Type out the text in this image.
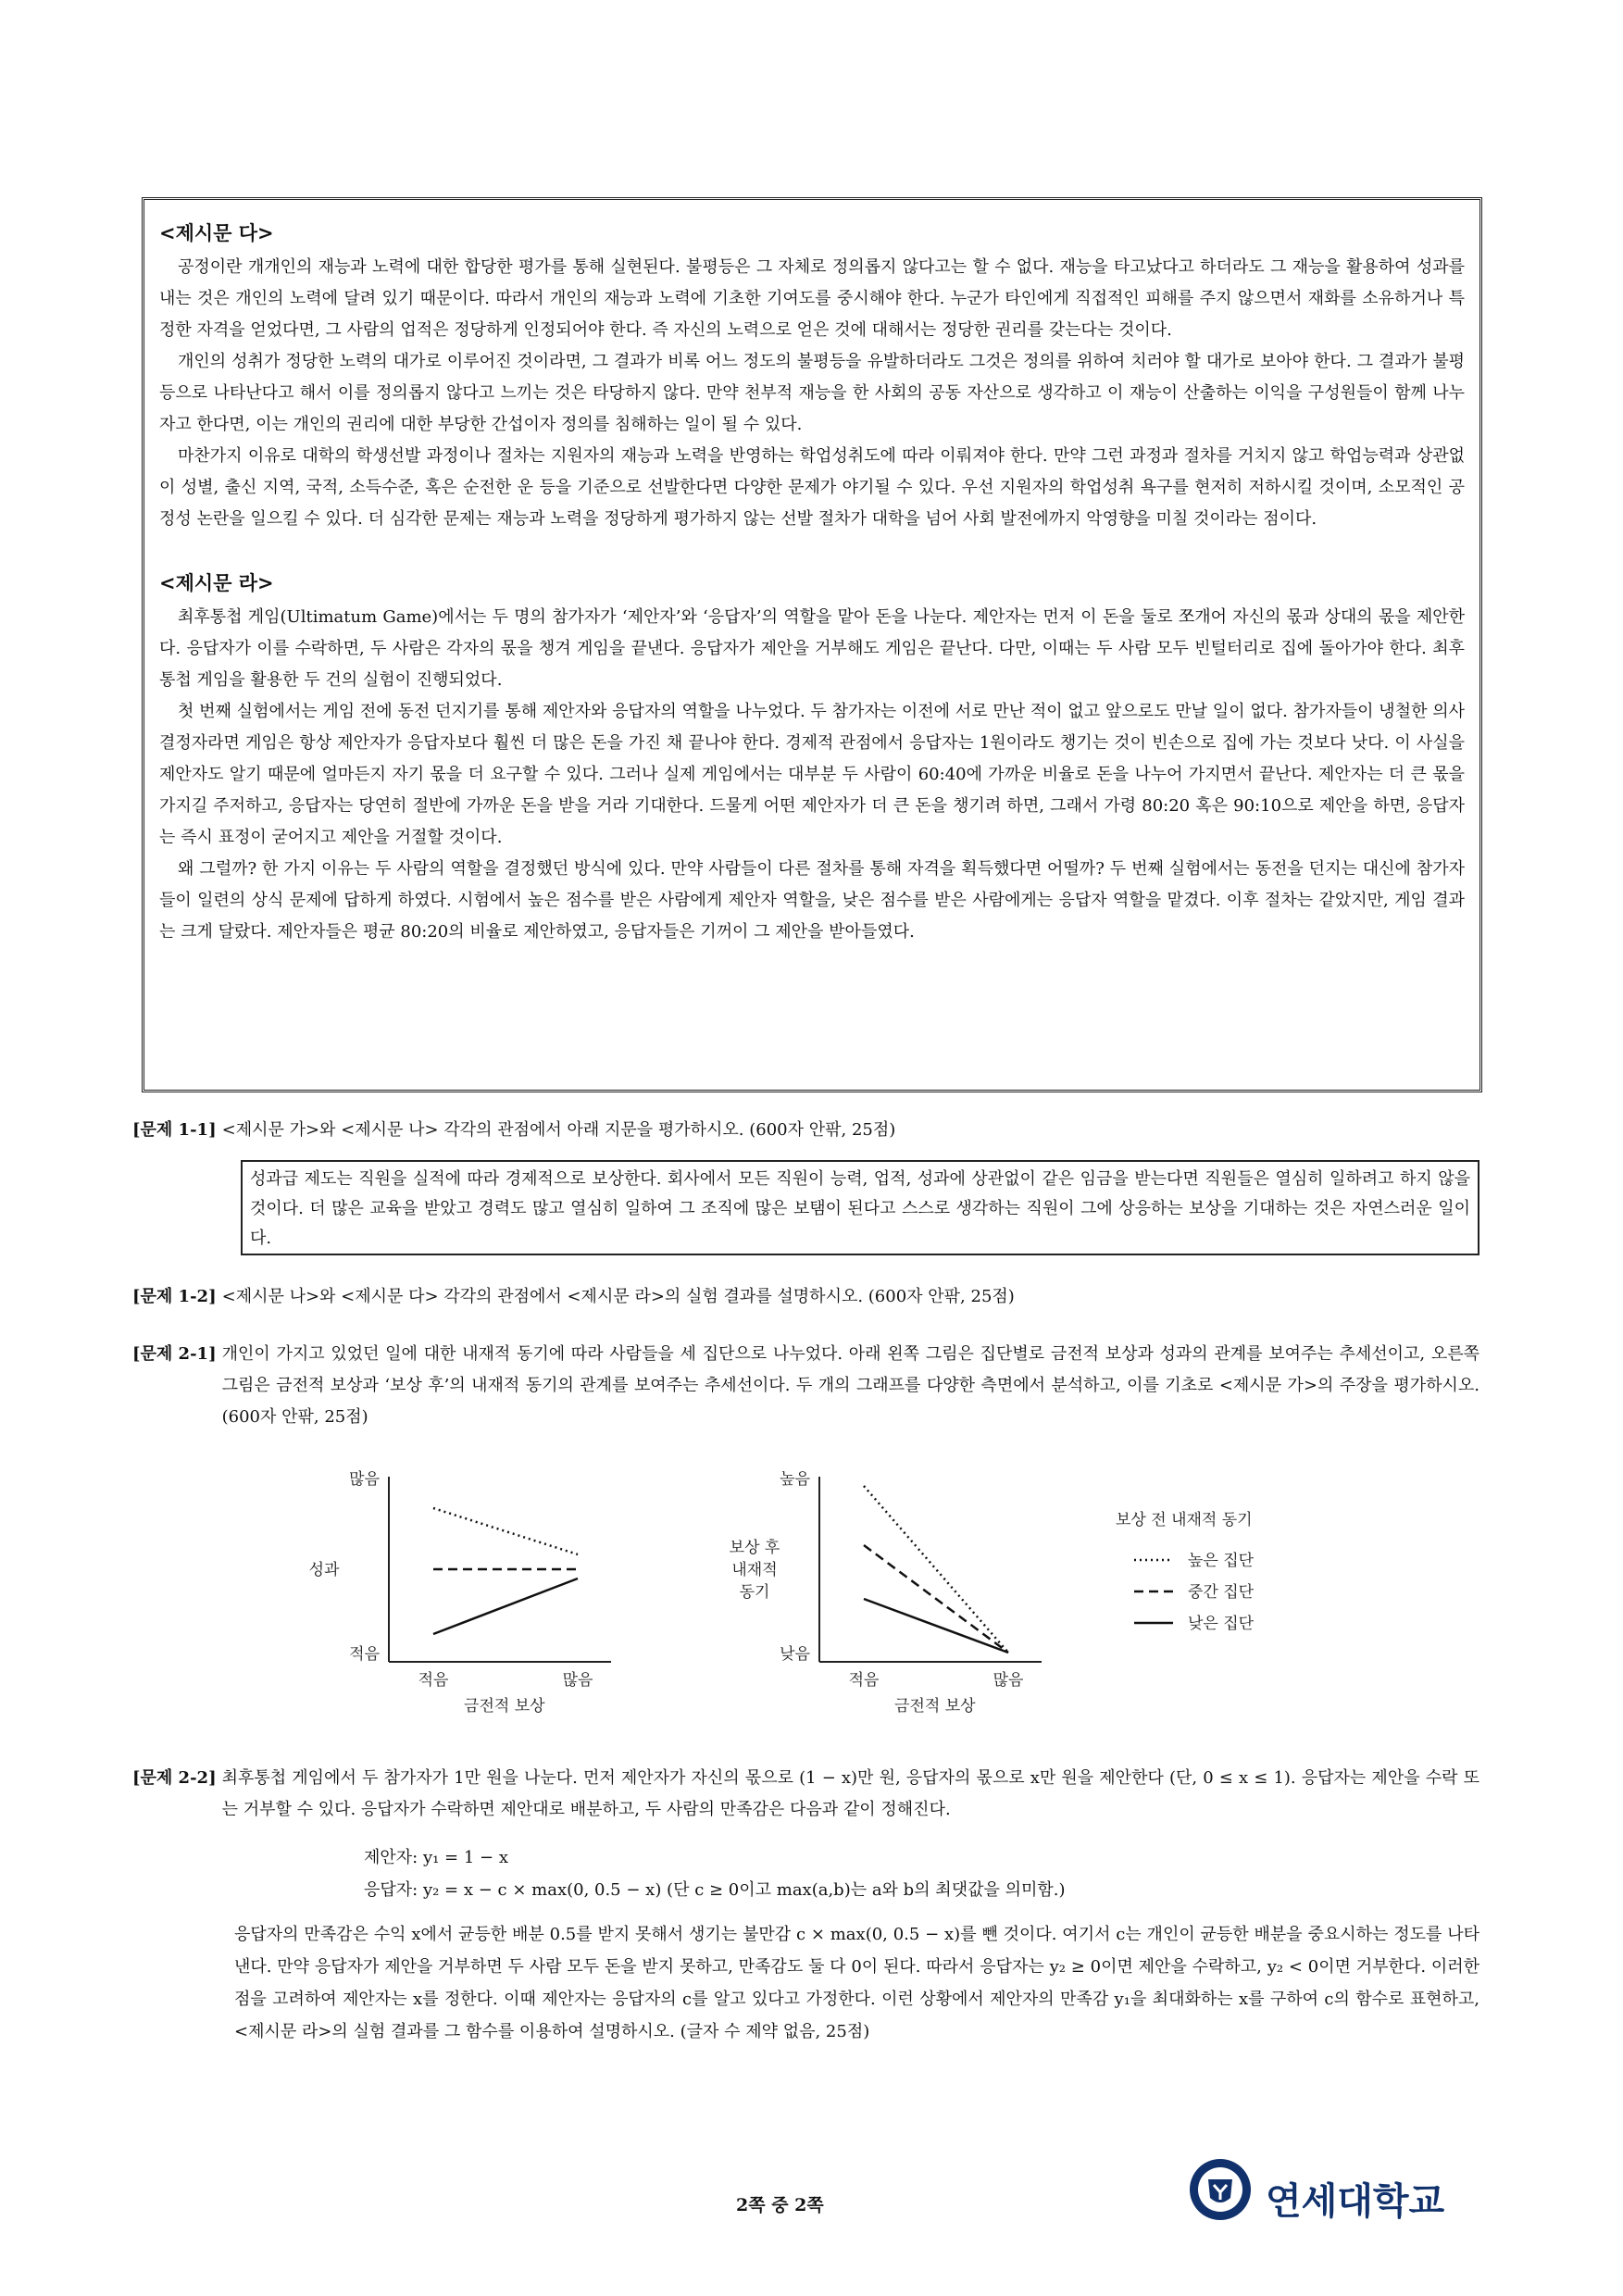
<제시문 다>

공정이란 개개인의 재능과 노력에 대한 합당한 평가를 통해 실현된다. 불평등은 그 자체로 정의롭지 않다고는 할 수 없다. 재능을 타고났다고 하더라도 그 재능을 활용하여 성과를 내는 것은 개인의 노력에 달려 있기 때문이다. 따라서 개인의 재능과 노력에 기초한 기여도를 중시해야 한다. 누군가 타인에게 직접적인 피해를 주지 않으면서 재화를 소유하거나 특정한 자격을 얻었다면, 그 사람의 업적은 정당하게 인정되어야 한다. 즉 자신의 노력으로 얻은 것에 대해서는 정당한 권리를 갖는다는 것이다.

개인의 성취가 정당한 노력의 대가로 이루어진 것이라면, 그 결과가 비록 어느 정도의 불평등을 유발하더라도 그것은 정의를 위하여 치러야 할 대가로 보아야 한다. 그 결과가 불평등으로 나타난다고 해서 이를 정의롭지 않다고 느끼는 것은 타당하지 않다. 만약 천부적 재능을 한 사회의 공동 자산으로 생각하고 이 재능이 산출하는 이익을 구성원들이 함께 나누자고 한다면, 이는 개인의 권리에 대한 부당한 간섭이자 정의를 침해하는 일이 될 수 있다.

마찬가지 이유로 대학의 학생선발 과정이나 절차는 지원자의 재능과 노력을 반영하는 학업성취도에 따라 이뤄져야 한다. 만약 그런 과정과 절차를 거치지 않고 학업능력과 상관없이 성별, 출신 지역, 국적, 소득수준, 혹은 순전한 운 등을 기준으로 선발한다면 다양한 문제가 야기될 수 있다. 우선 지원자의 학업성취 욕구를 현저히 저하시킬 것이며, 소모적인 공정성 논란을 일으킬 수 있다. 더 심각한 문제는 재능과 노력을 정당하게 평가하지 않는 선발 절차가 대학을 넘어 사회 발전에까지 악영향을 미칠 것이라는 점이다.

<제시문 라>

최후통첩 게임(Ultimatum Game)에서는 두 명의 참가자가 ‘제안자’와 ‘응답자’의 역할을 맡아 돈을 나눈다. 제안자는 먼저 이 돈을 둘로 쪼개어 자신의 몫과 상대의 몫을 제안한다. 응답자가 이를 수락하면, 두 사람은 각자의 몫을 챙겨 게임을 끝낸다. 응답자가 제안을 거부해도 게임은 끝난다. 다만, 이때는 두 사람 모두 빈털터리로 집에 돌아가야 한다. 최후통첩 게임을 활용한 두 건의 실험이 진행되었다.

첫 번째 실험에서는 게임 전에 동전 던지기를 통해 제안자와 응답자의 역할을 나누었다. 두 참가자는 이전에 서로 만난 적이 없고 앞으로도 만날 일이 없다. 참가자들이 냉철한 의사결정자라면 게임은 항상 제안자가 응답자보다 훨씬 더 많은 돈을 가진 채 끝나야 한다. 경제적 관점에서 응답자는 1원이라도 챙기는 것이 빈손으로 집에 가는 것보다 낫다. 이 사실을 제안자도 알기 때문에 얼마든지 자기 몫을 더 요구할 수 있다. 그러나 실제 게임에서는 대부분 두 사람이 60:40에 가까운 비율로 돈을 나누어 가지면서 끝난다. 제안자는 더 큰 몫을 가지길 주저하고, 응답자는 당연히 절반에 가까운 돈을 받을 거라 기대한다. 드물게 어떤 제안자가 더 큰 돈을 챙기려 하면, 그래서 가령 80:20 혹은 90:10으로 제안을 하면, 응답자는 즉시 표정이 굳어지고 제안을 거절할 것이다.

왜 그럴까? 한 가지 이유는 두 사람의 역할을 결정했던 방식에 있다. 만약 사람들이 다른 절차를 통해 자격을 획득했다면 어떨까? 두 번째 실험에서는 동전을 던지는 대신에 참가자들이 일련의 상식 문제에 답하게 하였다. 시험에서 높은 점수를 받은 사람에게 제안자 역할을, 낮은 점수를 받은 사람에게는 응답자 역할을 맡겼다. 이후 절차는 같았지만, 게임 결과는 크게 달랐다. 제안자들은 평균 80:20의 비율로 제안하였고, 응답자들은 기꺼이 그 제안을 받아들였다.

[문제 1-1] <제시문 가>와 <제시문 나> 각각의 관점에서 아래 지문을 평가하시오. (600자 안팎, 25점)
성과급 제도는 직원을 실적에 따라 경제적으로 보상한다. 회사에서 모든 직원이 능력, 업적, 성과에 상관없이 같은 임금을 받는다면 직원들은 열심히 일하려고 하지 않을 것이다. 더 많은 교육을 받았고 경력도 많고 열심히 일하여 그 조직에 많은 보탬이 된다고 스스로 생각하는 직원이 그에 상응하는 보상을 기대하는 것은 자연스러운 일이다.
[문제 1-2] <제시문 나>와 <제시문 다> 각각의 관점에서 <제시문 라>의 실험 결과를 설명하시오. (600자 안팎, 25점)
[문제 2-1] 개인이 가지고 있었던 일에 대한 내재적 동기에 따라 사람들을 세 집단으로 나누었다. 아래 왼쪽 그림은 집단별로 금전적 보상과 성과의 관계를 보여주는 추세선이고, 오른쪽 그림은 금전적 보상과 ‘보상 후’의 내재적 동기의 관계를 보여주는 추세선이다. 두 개의 그래프를 다양한 측면에서 분석하고, 이를 기초로 <제시문 가>의 주장을 평가하시오. (600자 안팎, 25점)
적음
많음
성과
적음	많음
금전적 보상
낮음
높음
보상 후
내재적
동기
적음	많음
금전적 보상
보상 전 내재적 동기
높은 집단
중간 집단
낮은 집단
[문제 2-2] 최후통첩 게임에서 두 참가자가 1만 원을 나눈다. 먼저 제안자가 자신의 몫으로 (1 − x)만 원, 응답자의 몫으로 x만 원을 제안한다 (단, 0 ≤ x ≤ 1). 응답자는 제안을 수락 또는 거부할 수 있다. 응답자가 수락하면 제안대로 배분하고, 두 사람의 만족감은 다음과 같이 정해진다.
제안자: y₁ = 1 − x
응답자: y₂ = x − c × max(0, 0.5 − x) (단 c ≥ 0이고 max(a,b)는 a와 b의 최댓값을 의미함.)
응답자의 만족감은 수익 x에서 균등한 배분 0.5를 받지 못해서 생기는 불만감 c × max(0, 0.5 − x)를 뺀 것이다. 여기서 c는 개인이 균등한 배분을 중요시하는 정도를 나타낸다. 만약 응답자가 제안을 거부하면 두 사람 모두 돈을 받지 못하고, 만족감도 둘 다 0이 된다. 따라서 응답자는 y₂ ≥ 0이면 제안을 수락하고, y₂ < 0이면 거부한다. 이러한 점을 고려하여 제안자는 x를 정한다. 이때 제안자는 응답자의 c를 알고 있다고 가정한다. 이런 상황에서 제안자의 만족감 y₁을 최대화하는 x를 구하여 c의 함수로 표현하고, <제시문 라>의 실험 결과를 그 함수를 이용하여 설명하시오. (글자 수 제약 없음, 25점)
2쪽 중 2쪽	연세대학교
